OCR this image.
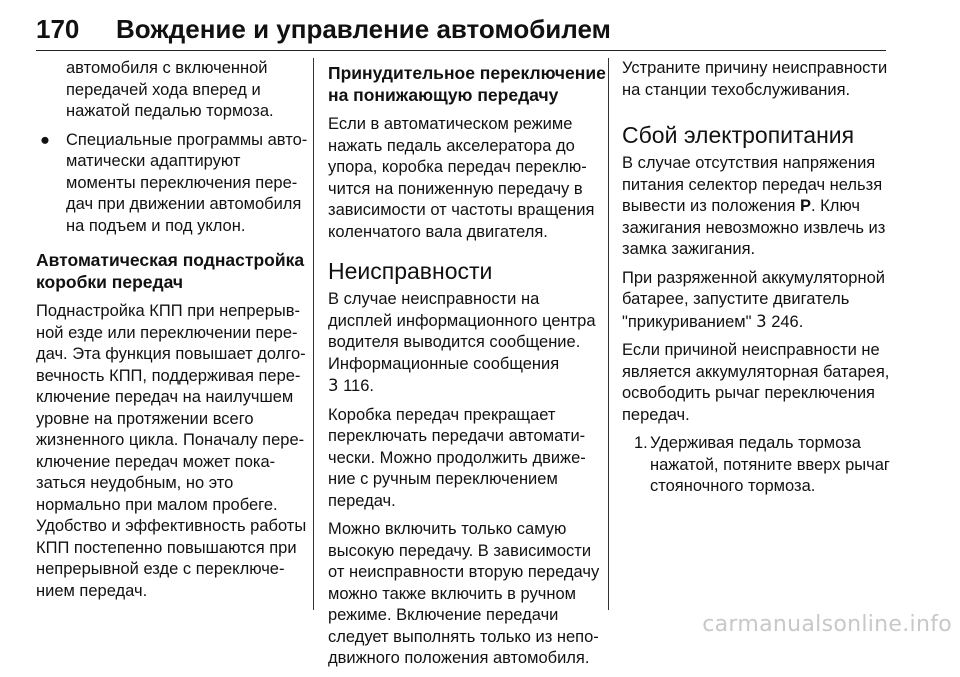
170 Вождение и управление автомобилем
автомобиля с включенной
передачей хода вперед и
нажатой педалью тормоза.
● Специальные программы авто-
матически адаптируют
моменты переключения пере-
дач при движении автомобиля
на подъем и под уклон.
Автоматическая поднастройка
коробки передач

Поднастройка КПП при непрерыв-
ной езде или переключении пере-
дач. Эта функция повышает долго-
вечность КПП, поддерживая пере-
ключение передач на наилучшем
уровне на протяжении всего
жизненного цикла. Поначалу пере-
ключение передач может пока-
заться неудобным, но это
нормально при малом пробеге.
Удобство и эффективность работы
КПП постепенно повышаются при
непрерывной езде с переключе-
нием передач.

Принудительное переключение
на понижающую передачу

Если в автоматическом режиме
нажать педаль акселератора до
упора, коробка передач переклю-
чится на пониженную передачу в
зависимости от частоты вращения
коленчатого вала двигателя.

Неисправности

В случае неисправности на
дисплей информационного центра
водителя выводится сообщение.
Информационные сообщения
3 116.

Коробка передач прекращает
переключать передачи автомати-
чески. Можно продолжить движе-
ние с ручным переключением
передач.

Можно включить только самую
высокую передачу. В зависимости
от неисправности вторую передачу
можно также включить в ручном
режиме. Включение передачи
следует выполнять только из непо-
движного положения автомобиля.

Устраните причину неисправности
на станции техобслуживания.

Сбой электропитания

В случае отсутствия напряжения
питания селектор передач нельзя
вывести из положения P. Ключ
зажигания невозможно извлечь из
замка зажигания.

При разряженной аккумуляторной
батарее, запустите двигатель
"прикуриванием" 3 246.

Если причиной неисправности не
является аккумуляторная батарея,
освободить рычаг переключения
передач.

1. Удерживая педаль тормоза
нажатой, потяните вверх рычаг
стояночного тормоза.
carmanualsonline.info
